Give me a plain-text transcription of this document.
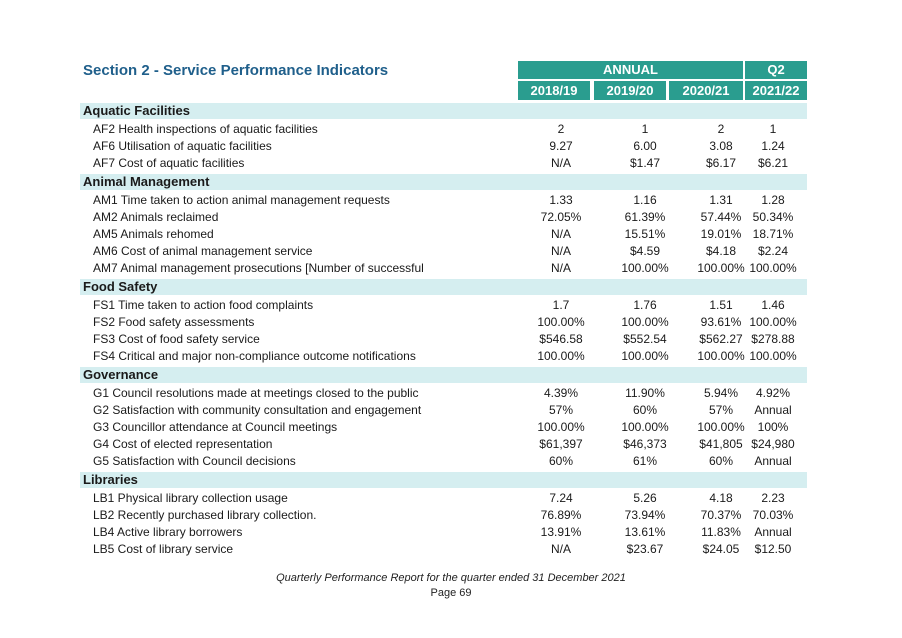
Section 2 - Service Performance Indicators	ANNUAL	Q2
2018/19	2019/20	2020/21	2021/22
Aquatic Facilities
AF2 Health inspections of aquatic facilities	2	1	2	1
AF6 Utilisation of aquatic facilities	9.27	6.00	3.08	1.24
AF7 Cost of aquatic facilities	N/A	$1.47	$6.17	$6.21
Animal Management
AM1 Time taken to action animal management requests	1.33	1.16	1.31	1.28
AM2 Animals reclaimed	72.05%	61.39%	57.44% 50.34%
AM5 Animals rehomed	N/A	15.51%	19.01% 18.71%
AM6 Cost of animal management service	N/A	$4.59	$4.18	$2.24
AM7 Animal management prosecutions [Number of successful	N/A	100.00%	100.00% 100.00%
Food Safety
FS1 Time taken to action food complaints	1.7	1.76	1.51	1.46
FS2 Food safety assessments	100.00%	100.00%	93.61% 100.00%
FS3 Cost of food safety service	$546.58	$552.54	$562.27 $278.88
FS4 Critical and major non-compliance outcome notifications	100.00%	100.00%	100.00% 100.00%
Governance
G1 Council resolutions made at meetings closed to the public	4.39%	11.90%	5.94%	4.92%
G2 Satisfaction with community consultation and engagement	57%	60%	57%	Annual
G3 Councillor attendance at Council meetings	100.00%	100.00%	100.00%	100%
G4 Cost of elected representation	$61,397	$46,373	$41,805 $24,980
G5 Satisfaction with Council decisions	60%	61%	60%	Annual
Libraries
LB1 Physical library collection usage	7.24	5.26	4.18	2.23
LB2 Recently purchased library collection.	76.89%	73.94%	70.37% 70.03%
LB4 Active library borrowers	13.91%	13.61%	11.83%	Annual
LB5 Cost of library service	N/A	$23.67	$24.05	$12.50
Quarterly Performance Report for the quarter ended 31 December 2021
Page 69
